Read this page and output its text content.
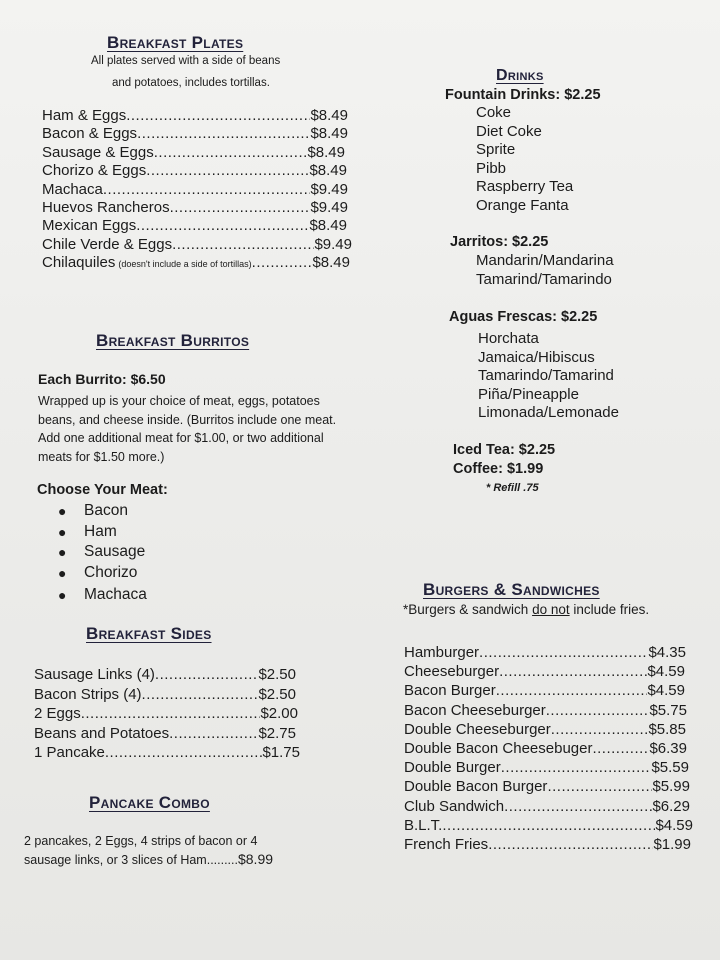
Breakfast Plates
All plates served with a side of beans
and potatoes, includes tortillas.
Ham & Eggs .....	$8.49
Bacon & Eggs .....	$8.49
Sausage & Eggs .....	$8.49
Chorizo & Eggs .....	$8.49
Machaca .....	$9.49
Huevos Rancheros .....	$9.49
Mexican Eggs .....	$8.49
Chile Verde & Eggs .....	$9.49
Chilaquiles (doesn't include a side of tortillas) .....	$8.49
Breakfast Burritos
Each Burrito: $6.50
Wrapped up is your choice of meat, eggs, potatoes
beans, and cheese inside. (Burritos include one meat.
Add one additional meat for $1.00, or two additional
meats for $1.50 more.)
Choose Your Meat:
●	Bacon
●	Ham
●	Sausage
●	Chorizo
●	Machaca
Breakfast Sides
Sausage Links (4) .....	$2.50
Bacon Strips (4) .....	$2.50
2 Eggs .....	$2.00
Beans and Potatoes .....	$2.75
1 Pancake .....	$1.75
Pancake Combo
2 pancakes, 2 Eggs, 4 strips of bacon or 4
sausage links, or 3 slices of Ham.........$8.99
Drinks
Fountain Drinks: $2.25
Coke
Diet Coke
Sprite
Pibb
Raspberry Tea
Orange Fanta
Jarritos: $2.25
Mandarin/Mandarina
Tamarind/Tamarindo
Aguas Frescas: $2.25
Horchata
Jamaica/Hibiscus
Tamarindo/Tamarind
Piña/Pineapple
Limonada/Lemonade
Iced Tea: $2.25
Coffee: $1.99
* Refill .75
Burgers & Sandwiches
*Burgers & sandwich do not include fries.
Hamburger .....	$4.35
Cheeseburger .....	$4.59
Bacon Burger .....	$4.59
Bacon Cheeseburger .....	$5.75
Double Cheeseburger .....	$5.85
Double Bacon Cheesebuger .....	$6.39
Double Burger .....	$5.59
Double Bacon Burger .....	$5.99
Club Sandwich .....	$6.29
B.L.T. .....	$4.59
French Fries .....	$1.99
